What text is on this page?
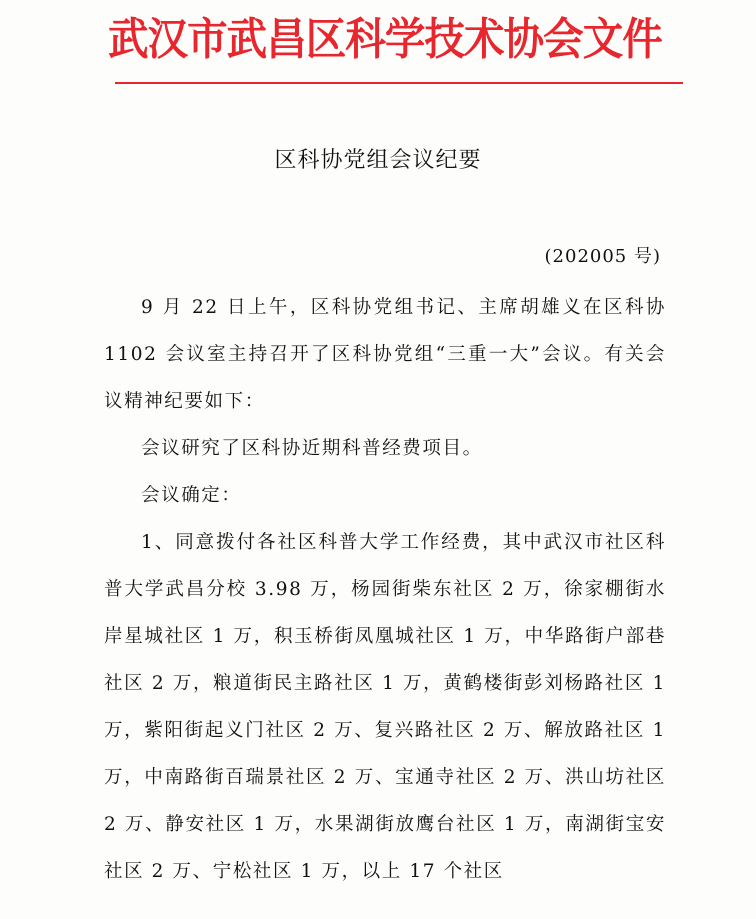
武汉市武昌区科学技术协会文件
区科协党组会议纪要
(202005 号)

9 月 22 日上午，区科协党组书记、主席胡雄义在区科协 1102 会议室主持召开了区科协党组“三重一大”会议。有关会议精神纪要如下：

会议研究了区科协近期科普经费项目。

会议确定：

1、同意拨付各社区科普大学工作经费，其中武汉市社区科普大学武昌分校 3.98 万，杨园街柴东社区 2 万，徐家棚街水岸星城社区 1 万，积玉桥街凤凰城社区 1 万，中华路街户部巷社区 2 万，粮道街民主路社区 1 万，黄鹤楼街彭刘杨路社区 1 万，紫阳街起义门社区 2 万、复兴路社区 2 万、解放路社区 1 万，中南路街百瑞景社区 2 万、宝通寺社区 2 万、洪山坊社区 2 万、静安社区 1 万，水果湖街放鹰台社区 1 万，南湖街宝安社区 2 万、宁松社区 1 万，以上 17 个社区
